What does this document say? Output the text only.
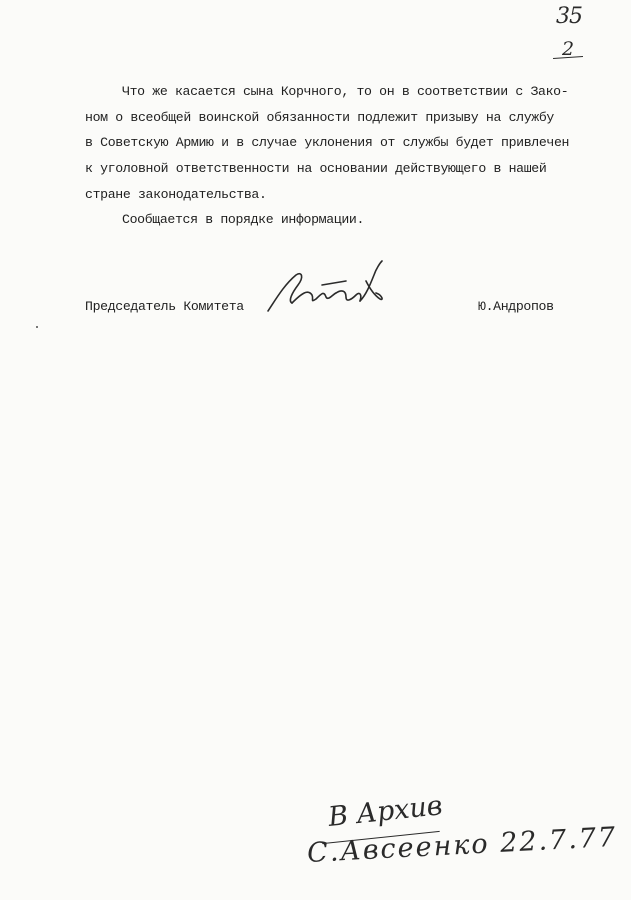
35
2
Что же касается сына Корчного, то он в соответствии с Зако-
ном о всеобщей воинской обязанности подлежит призыву на службу
в Советскую Армию и в случае уклонения от службы будет привлечен
к уголовной ответственности на основании действующего в нашей
стране законодательства.
Сообщается в порядке информации.
Председатель Комитета	Ю.Андропов
В Архив
С.Авсеенко 22.7.77
